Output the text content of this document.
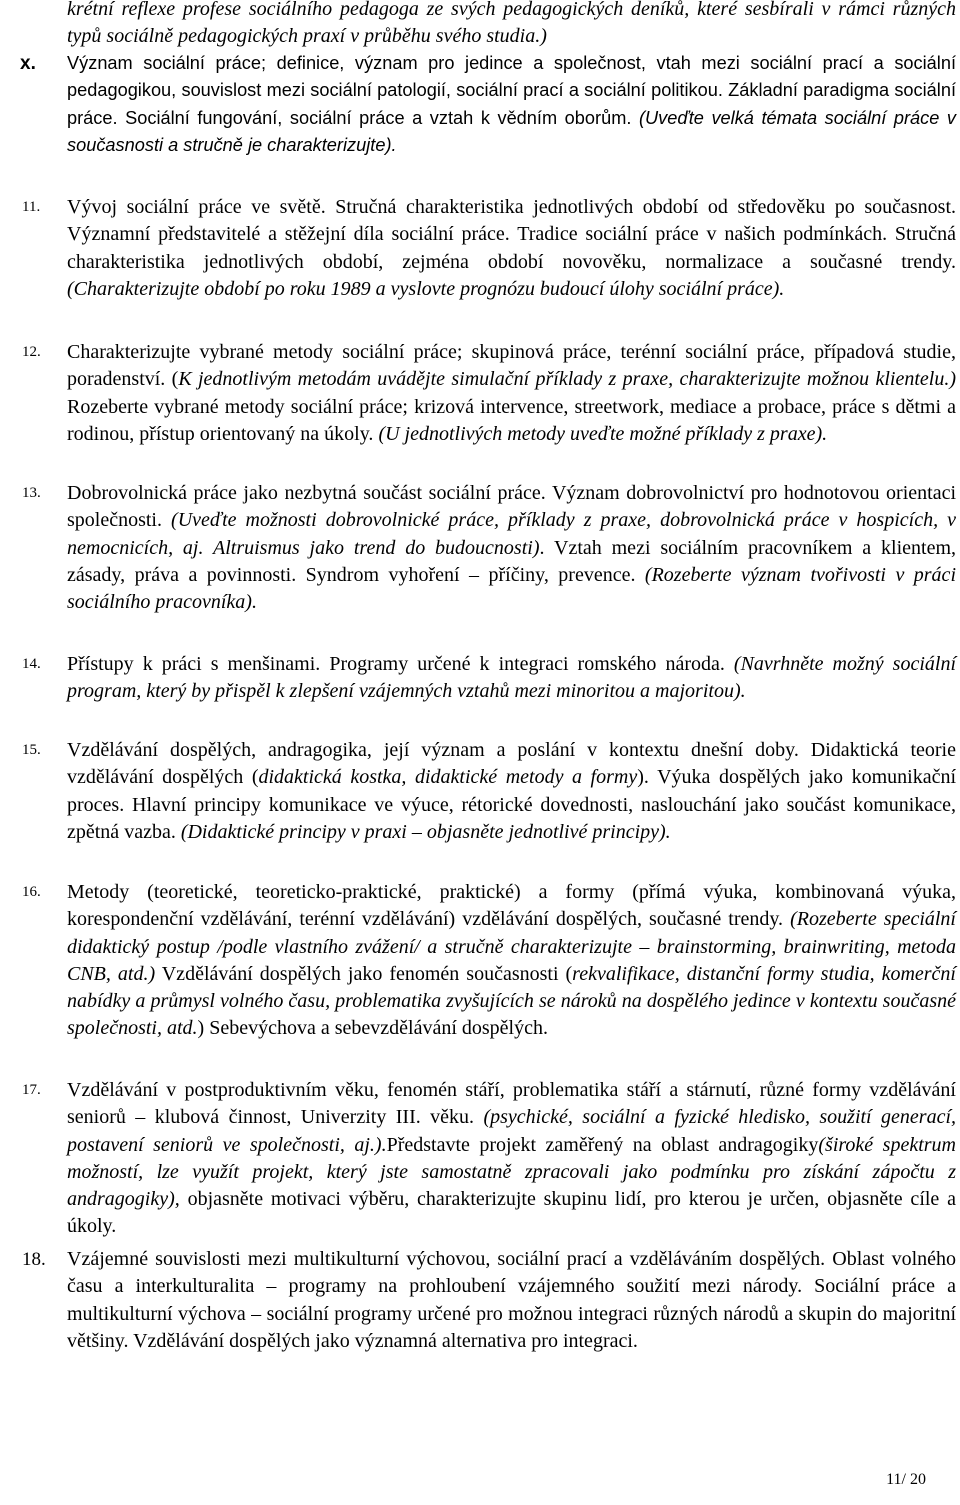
krétní reflexe profese sociálního pedagoga ze svých pedagogických deníků, které sesbírali v rámci různých typů sociálně pedagogických praxí v průběhu svého studia.)
x. Význam sociální práce; definice, význam pro jedince a společnost, vtah mezi sociální prací a sociální pedagogikou, souvislost mezi sociální patologií, sociální prací a sociální politikou. Základní paradigma sociální práce. Sociální fungování, sociální práce a vztah k vědním oborům. (Uveďte velká témata sociální práce v současnosti a stručně je charakterizujte).
11. Vývoj sociální práce ve světě. Stručná charakteristika jednotlivých období od středověku po současnost. Významní představitelé a stěžejní díla sociální práce. Tradice sociální práce v našich podmínkách. Stručná charakteristika jednotlivých období, zejména období novověku, normalizace a současné trendy. (Charakterizujte období po roku 1989 a vyslovte prognózu budoucí úlohy sociální práce).
12. Charakterizujte vybrané metody sociální práce; skupinová práce, terénní sociální práce, případová studie, poradenství. (K jednotlivým metodám uvádějte simulační příklady z praxe, charakterizujte možnou klientelu.) Rozeberte vybrané metody sociální práce; krizová intervence, streetwork, mediace a probace, práce s dětmi a rodinou, přístup orientovaný na úkoly. (U jednotlivých metody uveďte možné příklady z praxe).
13. Dobrovolnická práce jako nezbytná součást sociální práce. Význam dobrovolnictví pro hodnotovou orientaci společnosti. (Uveďte možnosti dobrovolnické práce, příklady z praxe, dobrovolnická práce v hospicích, v nemocnicích, aj. Altruismus jako trend do budoucnosti). Vztah mezi sociálním pracovníkem a klientem, zásady, práva a povinnosti. Syndrom vyhoření – příčiny, prevence. (Rozeberte význam tvořivosti v práci sociálního pracovníka).
14. Přístupy k práci s menšinami. Programy určené k integraci romského národa. (Navrhněte možný sociální program, který by přispěl k zlepšení vzájemných vztahů mezi minoritou a majoritou).
15. Vzdělávání dospělých, andragogika, její význam a poslání v kontextu dnešní doby. Didaktická teorie vzdělávání dospělých (didaktická kostka, didaktické metody a formy). Výuka dospělých jako komunikační proces. Hlavní principy komunikace ve výuce, rétorické dovednosti, naslouchání jako součást komunikace, zpětná vazba. (Didaktické principy v praxi – objasněte jednotlivé principy).
16. Metody (teoretické, teoreticko-praktické, praktické) a formy (přímá výuka, kombinovaná výuka, korespondenční vzdělávání, terénní vzdělávání) vzdělávání dospělých, současné trendy. (Rozeberte speciální didaktický postup /podle vlastního zvážení/ a stručně charakterizujte – brainstorming, brainwriting, metoda CNB, atd.) Vzdělávání dospělých jako fenomén současnosti (rekvalifikace, distanční formy studia, komerční nabídky a průmysl volného času, problematika zvyšujících se nároků na dospělého jedince v kontextu současné společnosti, atd.) Sebevýchova a sebevzdělávání dospělých.
17. Vzdělávání v postproduktivním věku, fenomén stáří, problematika stáří a stárnutí, různé formy vzdělávání seniorů – klubová činnost, Univerzity III. věku. (psychické, sociální a fyzické hledisko, soužití generací, postavení seniorů ve společnosti, aj.).Představte projekt zaměřený na oblast andragogiky(široké spektrum možností, lze využít projekt, který jste samostatně zpracovali jako podmínku pro získání zápočtu z andragogiky), objasněte motivaci výběru, charakterizujte skupinu lidí, pro kterou je určen, objasněte cíle a úkoly.
18. Vzájemné souvislosti mezi multikulturní výchovou, sociální prací a vzděláváním dospělých. Oblast volného času a interkulturalita – programy na prohloubení vzájemného soužití mezi národy. Sociální práce a multikulturní výchova – sociální programy určené pro možnou integraci různých národů a skupin do majoritní většiny. Vzdělávání dospělých jako významná alternativa pro integraci.
11/ 20
